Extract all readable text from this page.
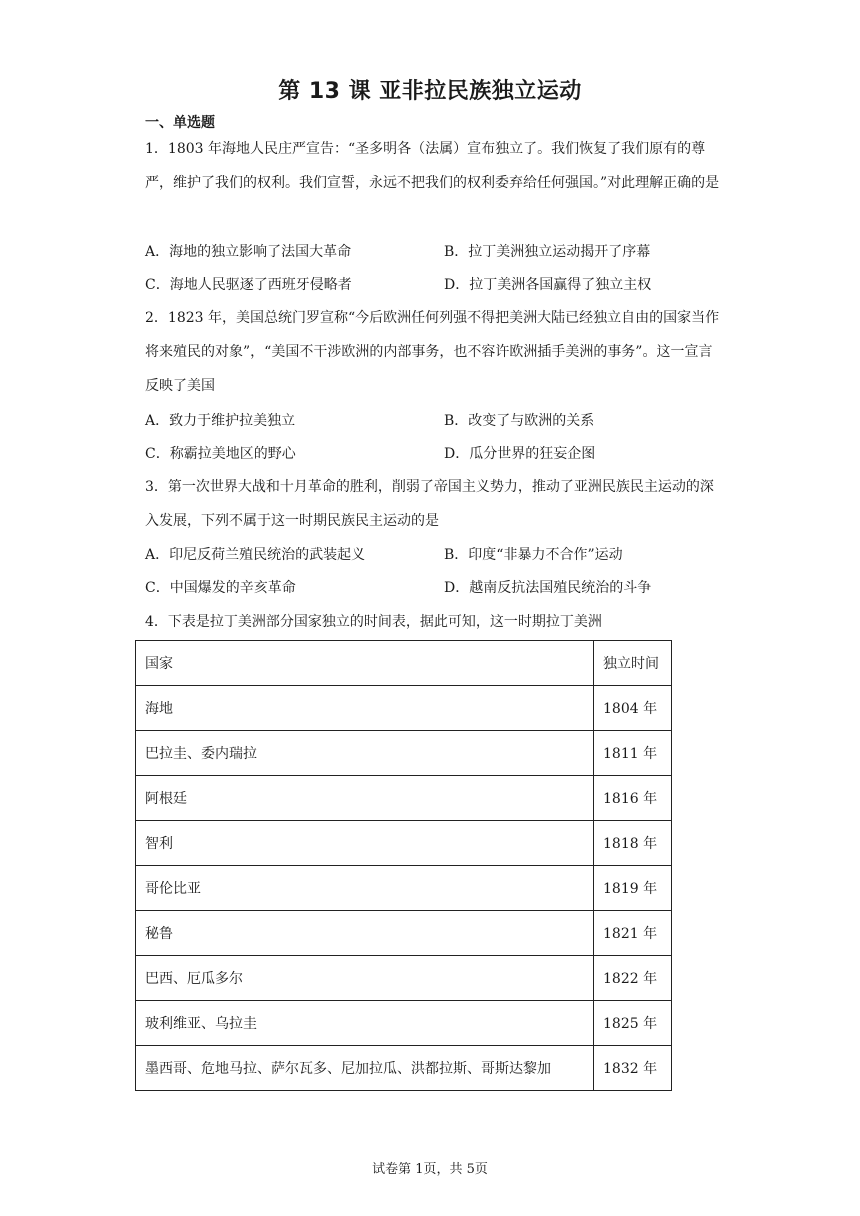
第 13 课 亚非拉民族独立运动
一、单选题
1．1803 年海地人民庄严宣告：“圣多明各（法属）宣布独立了。我们恢复了我们原有的尊严，维护了我们的权利。我们宣誓，永远不把我们的权利委弃给任何强国。”对此理解正确的是
A．海地的独立影响了法国大革命	B．拉丁美洲独立运动揭开了序幕
C．海地人民驱逐了西班牙侵略者	D．拉丁美洲各国赢得了独立主权
2．1823 年，美国总统门罗宣称“今后欧洲任何列强不得把美洲大陆已经独立自由的国家当作将来殖民的对象”，“美国不干涉欧洲的内部事务，也不容许欧洲插手美洲的事务”。这一宣言反映了美国
A．致力于维护拉美独立	B．改变了与欧洲的关系
C．称霸拉美地区的野心	D．瓜分世界的狂妄企图
3．第一次世界大战和十月革命的胜利，削弱了帝国主义势力，推动了亚洲民族民主运动的深入发展，下列不属于这一时期民族民主运动的是
A．印尼反荷兰殖民统治的武装起义	B．印度“非暴力不合作”运动
C．中国爆发的辛亥革命	D．越南反抗法国殖民统治的斗争
4．下表是拉丁美洲部分国家独立的时间表，据此可知，这一时期拉丁美洲
国家	独立时间
海地	1804 年
巴拉圭、委内瑞拉	1811 年
阿根廷	1816 年
智利	1818 年
哥伦比亚	1819 年
秘鲁	1821 年
巴西、厄瓜多尔	1822 年
玻利维亚、乌拉圭	1825 年
墨西哥、危地马拉、萨尔瓦多、尼加拉瓜、洪都拉斯、哥斯达黎加	1832 年
试卷第 1页，共 5页
